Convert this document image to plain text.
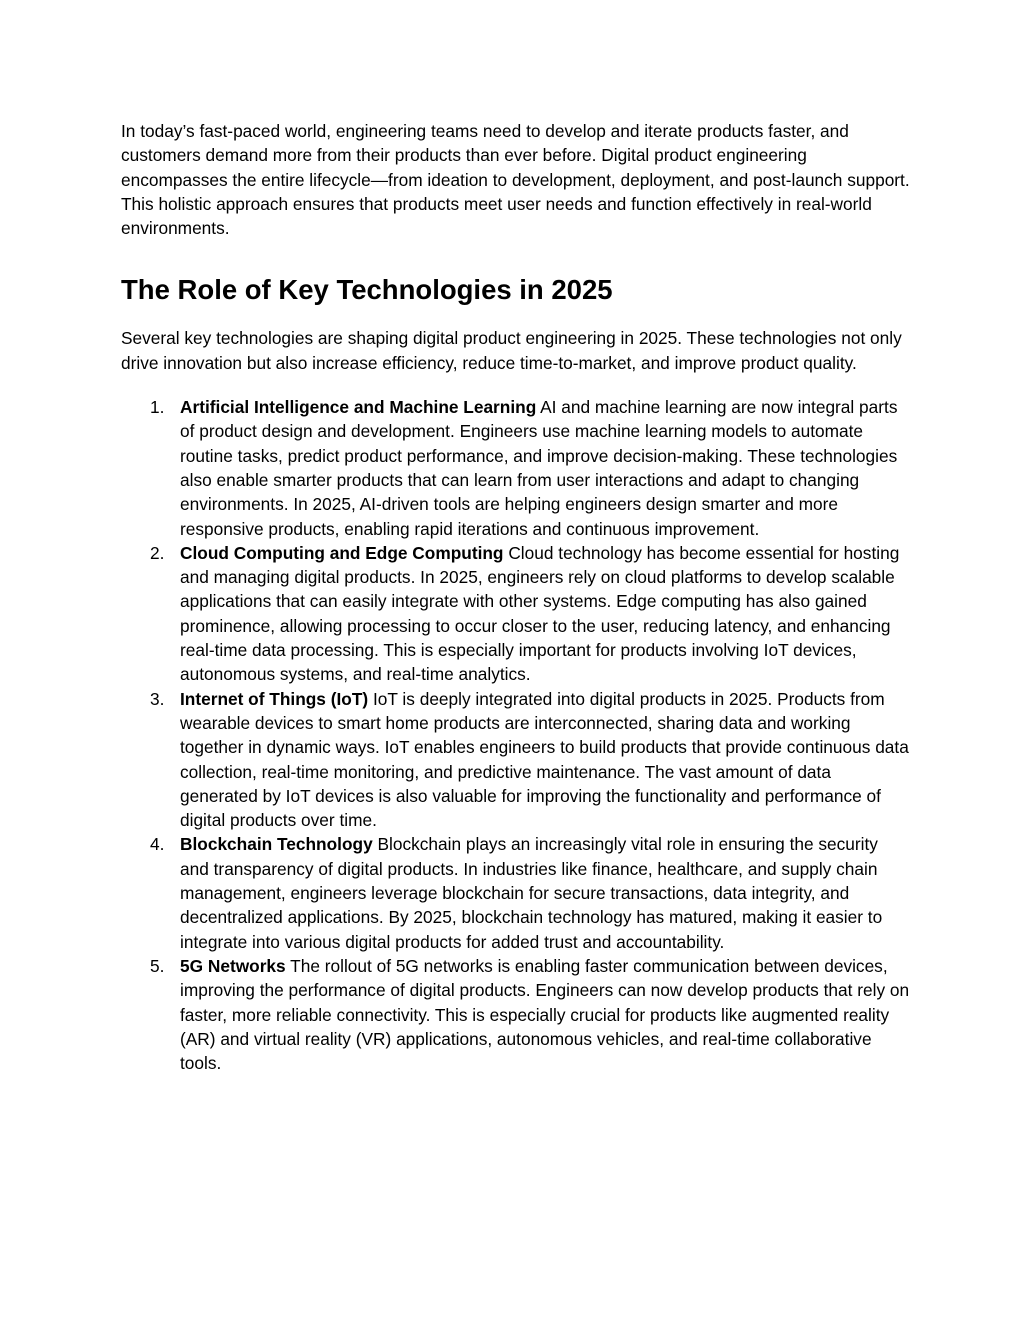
In today’s fast-paced world, engineering teams need to develop and iterate products faster, and customers demand more from their products than ever before. Digital product engineering encompasses the entire lifecycle—from ideation to development, deployment, and post-launch support. This holistic approach ensures that products meet user needs and function effectively in real-world environments.

The Role of Key Technologies in 2025

Several key technologies are shaping digital product engineering in 2025. These technologies not only drive innovation but also increase efficiency, reduce time-to-market, and improve product quality.

1. Artificial Intelligence and Machine Learning AI and machine learning are now integral parts of product design and development. Engineers use machine learning models to automate routine tasks, predict product performance, and improve decision-making. These technologies also enable smarter products that can learn from user interactions and adapt to changing environments. In 2025, AI-driven tools are helping engineers design smarter and more responsive products, enabling rapid iterations and continuous improvement.
2. Cloud Computing and Edge Computing Cloud technology has become essential for hosting and managing digital products. In 2025, engineers rely on cloud platforms to develop scalable applications that can easily integrate with other systems. Edge computing has also gained prominence, allowing processing to occur closer to the user, reducing latency, and enhancing real-time data processing. This is especially important for products involving IoT devices, autonomous systems, and real-time analytics.
3. Internet of Things (IoT) IoT is deeply integrated into digital products in 2025. Products from wearable devices to smart home products are interconnected, sharing data and working together in dynamic ways. IoT enables engineers to build products that provide continuous data collection, real-time monitoring, and predictive maintenance. The vast amount of data generated by IoT devices is also valuable for improving the functionality and performance of digital products over time.
4. Blockchain Technology Blockchain plays an increasingly vital role in ensuring the security and transparency of digital products. In industries like finance, healthcare, and supply chain management, engineers leverage blockchain for secure transactions, data integrity, and decentralized applications. By 2025, blockchain technology has matured, making it easier to integrate into various digital products for added trust and accountability.
5. 5G Networks The rollout of 5G networks is enabling faster communication between devices, improving the performance of digital products. Engineers can now develop products that rely on faster, more reliable connectivity. This is especially crucial for products like augmented reality (AR) and virtual reality (VR) applications, autonomous vehicles, and real-time collaborative tools.
